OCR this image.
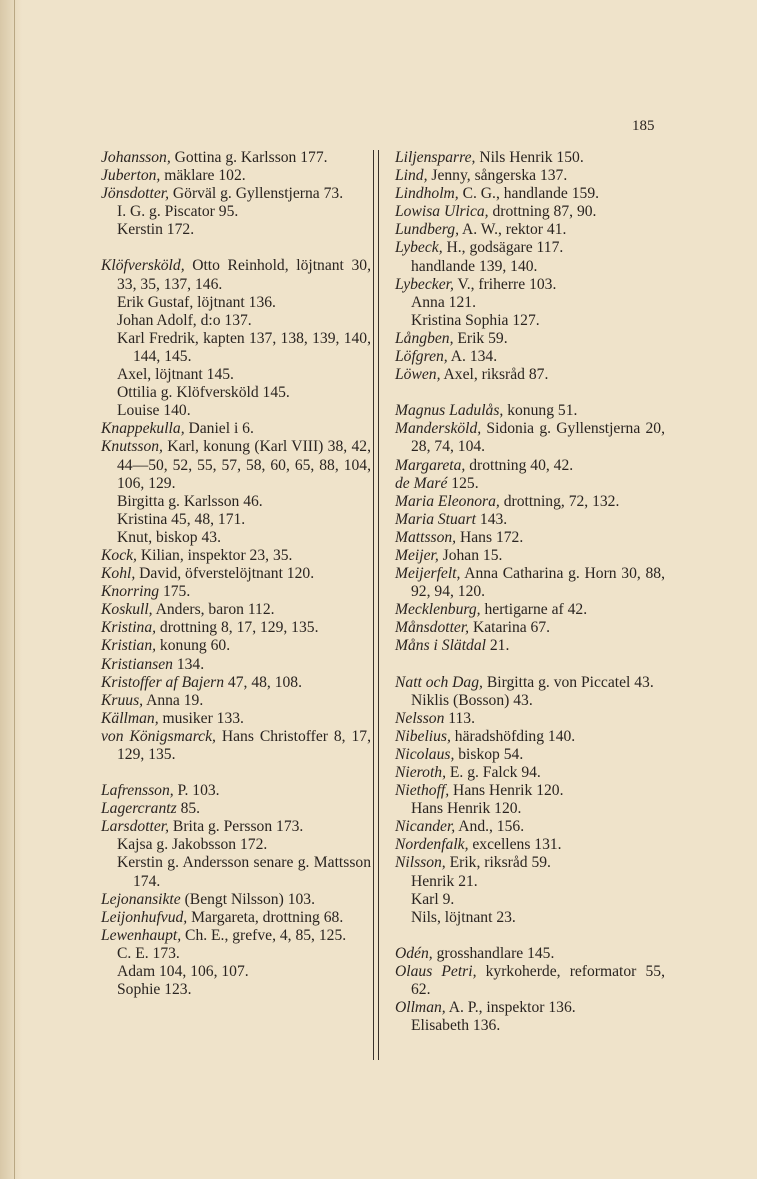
185
Johansson, Gottina g. Karlsson 177.
Juberton, mäklare 102.
Jönsdotter, Görväl g. Gyllenstjerna 73.
I. G. g. Piscator 95.
Kerstin 172.
Klöfversköld, Otto Reinhold, löjtnant 30, 33, 35, 137, 146.
Erik Gustaf, löjtnant 136.
Johan Adolf, d:o 137.
Karl Fredrik, kapten 137, 138, 139, 140, 144, 145.
Axel, löjtnant 145.
Ottilia g. Klöfversköld 145.
Louise 140.
Knappekulla, Daniel i 6.
Knutsson, Karl, konung (Karl VIII) 38, 42, 44—50, 52, 55, 57, 58, 60, 65, 88, 104, 106, 129.
Birgitta g. Karlsson 46.
Kristina 45, 48, 171.
Knut, biskop 43.
Kock, Kilian, inspektor 23, 35.
Kohl, David, öfverstelöjtnant 120.
Knorring 175.
Koskull, Anders, baron 112.
Kristina, drottning 8, 17, 129, 135.
Kristian, konung 60.
Kristiansen 134.
Kristoffer af Bajern 47, 48, 108.
Kruus, Anna 19.
Källman, musiker 133.
von Königsmarck, Hans Christoffer 8, 17, 129, 135.
Lafrensson, P. 103.
Lagercrantz 85.
Larsdotter, Brita g. Persson 173.
Kajsa g. Jakobsson 172.
Kerstin g. Andersson senare g. Mattsson 174.
Lejonansikte (Bengt Nilsson) 103.
Leijonhufvud, Margareta, drottning 68.
Lewenhaupt, Ch. E., grefve, 4, 85, 125.
C. E. 173.
Adam 104, 106, 107.
Sophie 123.
Liljensparre, Nils Henrik 150.
Lind, Jenny, sångerska 137.
Lindholm, C. G., handlande 159.
Lowisa Ulrica, drottning 87, 90.
Lundberg, A. W., rektor 41.
Lybeck, H., godsägare 117.
handlande 139, 140.
Lybecker, V., friherre 103.
Anna 121.
Kristina Sophia 127.
Långben, Erik 59.
Löfgren, A. 134.
Löwen, Axel, riksråd 87.
Magnus Ladulås, konung 51.
Mandersköld, Sidonia g. Gyllenstjerna 20, 28, 74, 104.
Margareta, drottning 40, 42.
de Maré 125.
Maria Eleonora, drottning, 72, 132.
Maria Stuart 143.
Mattsson, Hans 172.
Meijer, Johan 15.
Meijerfelt, Anna Catharina g. Horn 30, 88, 92, 94, 120.
Mecklenburg, hertigarne af 42.
Månsdotter, Katarina 67.
Måns i Slätdal 21.
Natt och Dag, Birgitta g. von Piccatel 43.
Niklis (Bosson) 43.
Nelsson 113.
Nibelius, häradshöfding 140.
Nicolaus, biskop 54.
Nieroth, E. g. Falck 94.
Niethoff, Hans Henrik 120.
Hans Henrik 120.
Nicander, And., 156.
Nordenfalk, excellens 131.
Nilsson, Erik, riksråd 59.
Henrik 21.
Karl 9.
Nils, löjtnant 23.
Odén, grosshandlare 145.
Olaus Petri, kyrkoherde, reformator 55, 62.
Ollman, A. P., inspektor 136.
Elisabeth 136.
